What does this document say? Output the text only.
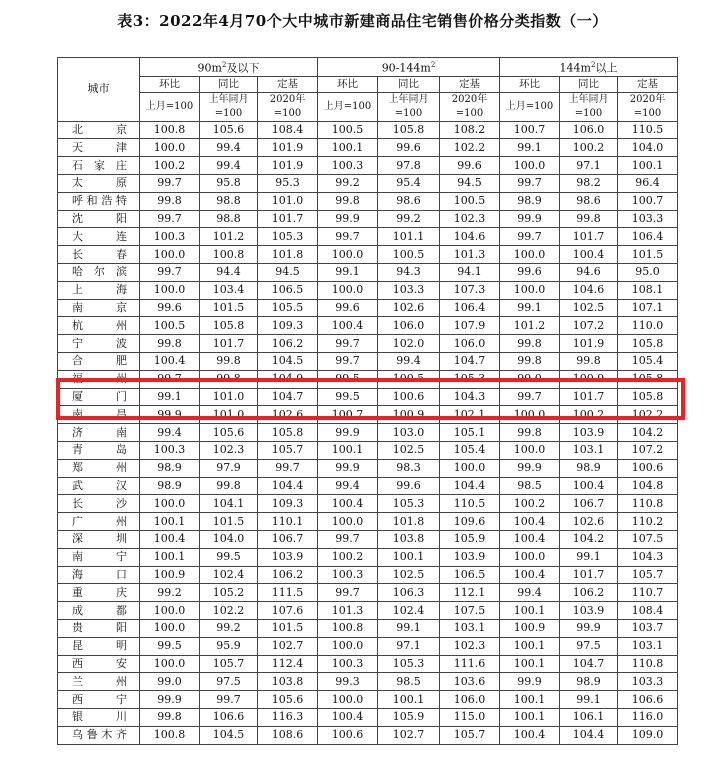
表3：2022年4月70个大中城市新建商品住宅销售价格分类指数（一）
城市	$90m^2$及以下			$90-144m^2$			$144m^2$以上		
	环比	同比	定基	环比	同比	定基	环比	同比	定基
	上月=100	上年同月=100	2020年=100	上月=100	上年同月=100	2020年=100	上月=100	上年同月=100	2020年=100
北京	100.8	105.6	108.4	100.5	105.8	108.2	100.7	106.0	110.5
天津	100.0	99.4	101.9	100.1	99.6	102.2	99.1	100.2	104.0
石家庄	100.2	99.4	101.9	100.3	97.8	99.6	100.0	97.1	100.1
太原	99.7	95.8	95.3	99.2	95.4	94.5	99.7	98.2	96.4
呼和浩特	99.8	98.8	101.0	99.8	98.6	100.5	98.9	98.6	100.7
沈阳	99.7	98.8	101.7	99.9	99.2	102.3	99.9	99.8	103.3
大连	100.3	101.2	105.3	99.7	101.1	104.6	99.7	101.7	106.4
长春	100.0	100.8	101.8	100.0	100.5	101.3	100.0	100.4	101.5
哈尔滨	99.7	94.4	94.5	99.1	94.3	94.1	99.6	94.6	95.0
上海	100.0	103.4	106.5	100.0	103.3	107.3	100.0	104.6	108.1
南京	99.6	101.5	105.5	99.6	102.6	106.4	99.1	102.5	107.1
杭州	100.5	105.8	109.3	100.4	106.0	107.9	101.2	107.2	110.0
宁波	99.8	101.7	106.2	99.7	102.0	106.0	99.8	101.9	105.8
合肥	100.4	99.8	104.5	99.7	99.4	104.7	99.8	99.8	105.4
福州	99.7	99.8	104.9	99.5	100.5	105.3	99.0	100.9	105.8
厦门	99.1	101.0	104.7	99.5	100.6	104.3	99.7	101.7	105.8
南昌	99.9	101.0	102.6	100.7	100.9	102.1	100.0	100.2	102.2
济南	99.4	105.6	105.8	99.9	103.0	105.1	99.8	103.9	104.2
青岛	100.3	102.3	105.7	100.1	102.5	105.4	100.0	103.1	107.2
郑州	98.9	97.9	99.7	99.9	98.3	100.0	99.9	98.9	100.6
武汉	98.9	99.8	104.4	99.4	99.6	104.4	98.5	100.4	104.8
长沙	100.0	104.1	109.3	100.4	105.3	110.5	100.2	106.7	110.8
广州	100.1	101.5	110.1	100.0	101.8	109.6	100.4	102.6	110.2
深圳	100.4	104.0	106.7	99.7	103.8	105.9	100.4	104.2	107.5
南宁	100.1	99.5	103.9	100.2	100.1	103.9	100.0	99.1	104.3
海口	100.9	102.4	106.2	100.3	102.5	106.5	100.4	101.7	105.7
重庆	99.2	105.2	111.5	99.7	106.3	112.1	99.4	106.2	110.7
成都	100.0	102.2	107.6	101.3	102.4	107.5	100.1	103.9	108.4
贵阳	100.0	99.2	101.5	100.8	99.1	103.1	100.9	99.9	103.7
昆明	99.5	95.9	102.7	100.0	97.1	102.3	100.1	97.5	103.1
西安	100.0	105.7	112.4	100.3	105.3	111.6	100.1	104.7	110.8
兰州	99.0	97.5	103.8	99.3	98.5	103.6	99.9	98.9	103.3
西宁	99.9	99.7	105.6	100.0	100.1	106.0	100.1	99.1	106.6
银川	99.8	106.6	116.3	100.4	105.9	115.0	100.1	106.1	116.0
乌鲁木齐	100.8	104.5	108.6	100.6	102.7	105.7	100.4	104.4	109.0
